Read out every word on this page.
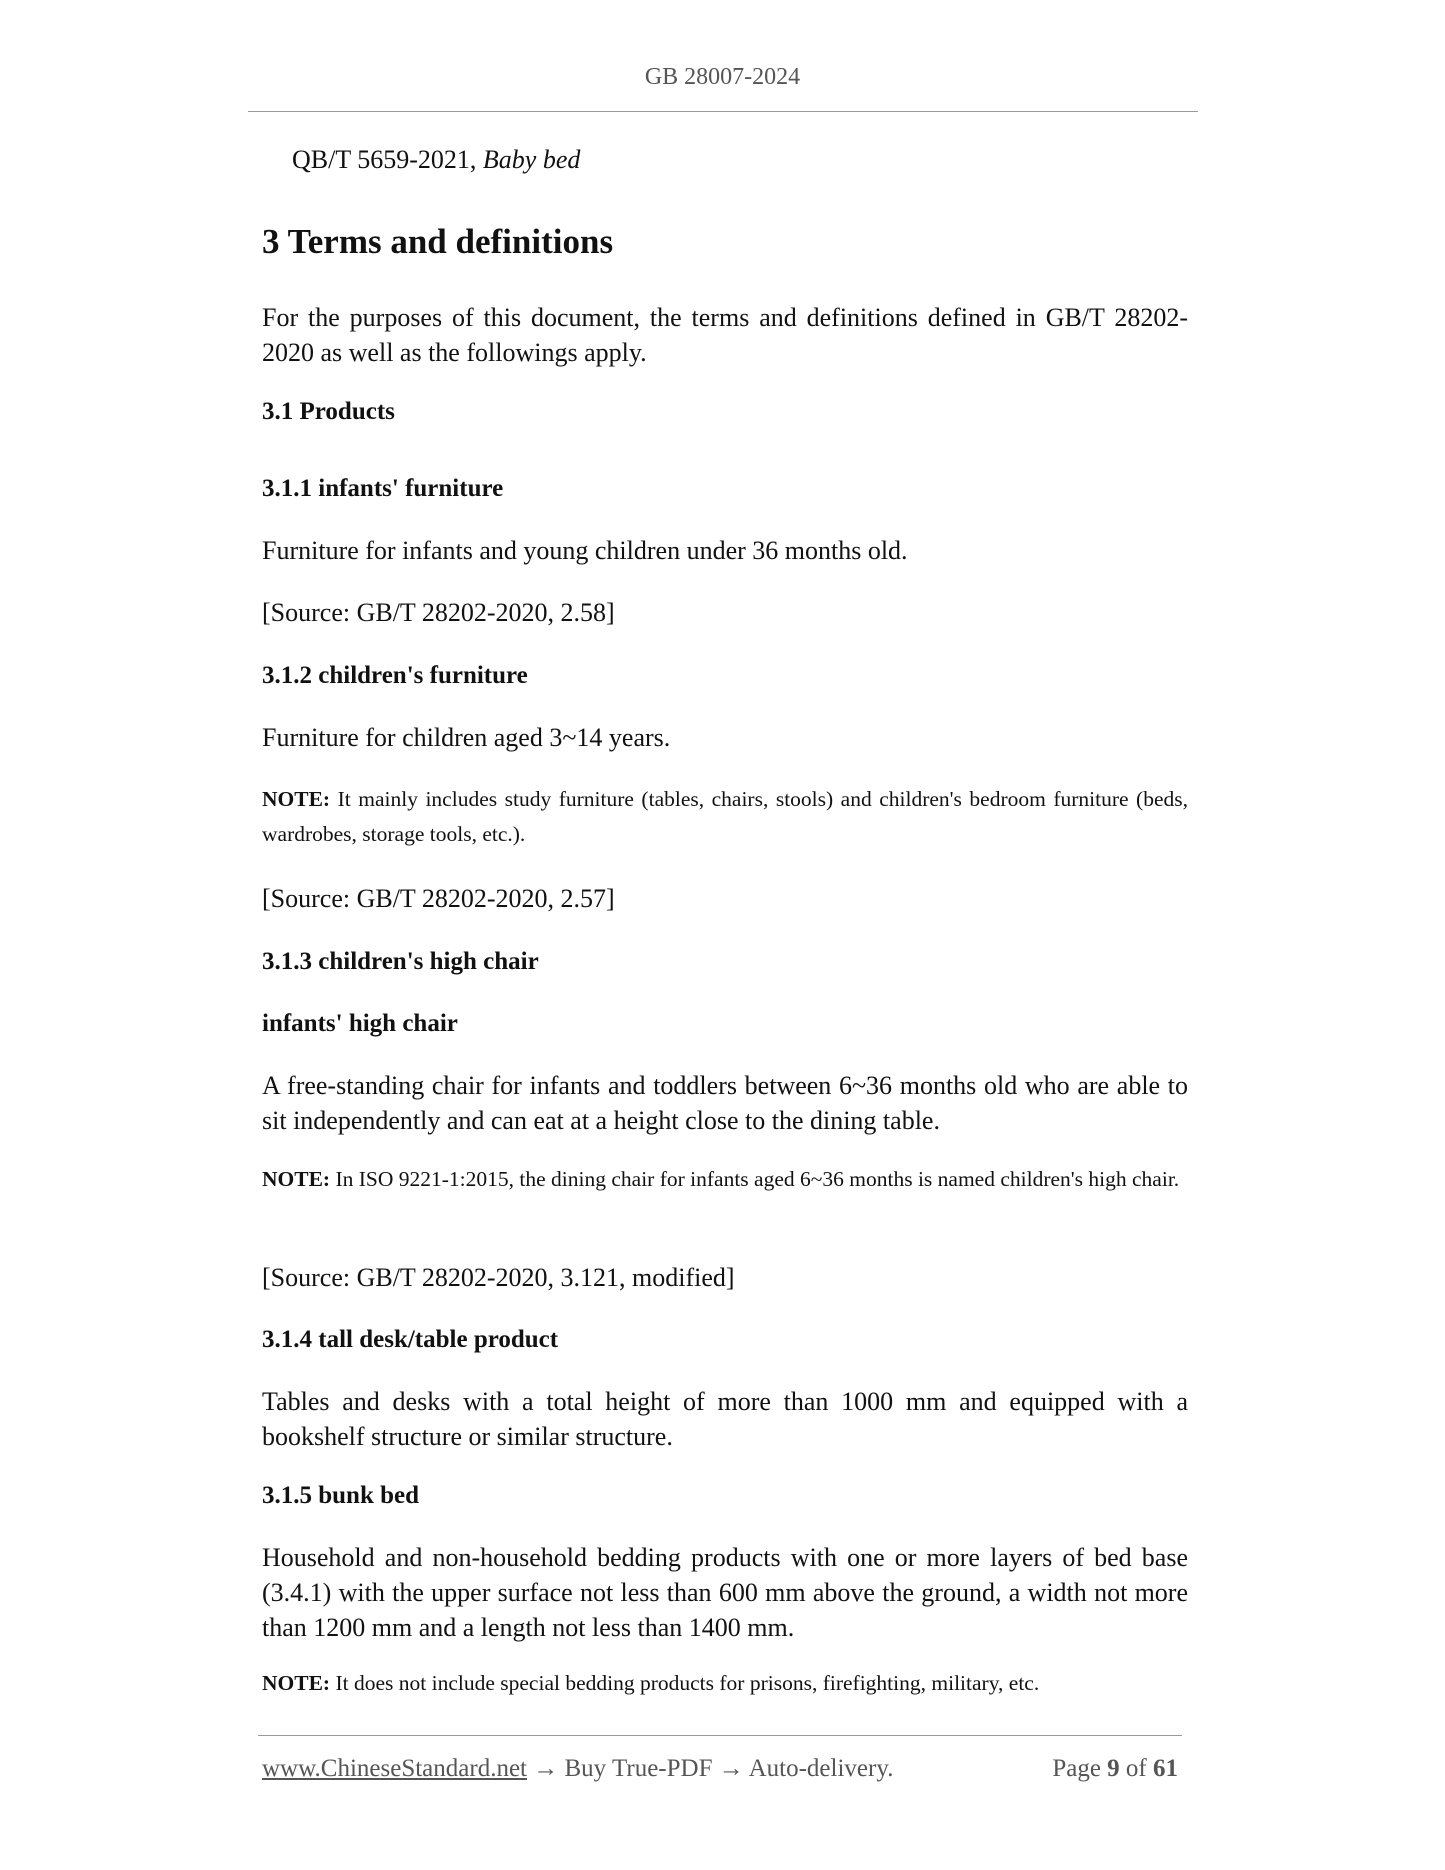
GB 28007-2024

QB/T 5659-2021, Baby bed

3 Terms and definitions

For the purposes of this document, the terms and definitions defined in GB/T 28202-2020 as well as the followings apply.

3.1 Products

3.1.1 infants' furniture

Furniture for infants and young children under 36 months old.

[Source: GB/T 28202-2020, 2.58]

3.1.2 children's furniture

Furniture for children aged 3~14 years.

NOTE: It mainly includes study furniture (tables, chairs, stools) and children's bedroom furniture (beds, wardrobes, storage tools, etc.).

[Source: GB/T 28202-2020, 2.57]

3.1.3 children's high chair

infants' high chair

A free-standing chair for infants and toddlers between 6~36 months old who are able to sit independently and can eat at a height close to the dining table.

NOTE: In ISO 9221-1:2015, the dining chair for infants aged 6~36 months is named children's high chair.

[Source: GB/T 28202-2020, 3.121, modified]

3.1.4 tall desk/table product

Tables and desks with a total height of more than 1000 mm and equipped with a bookshelf structure or similar structure.

3.1.5 bunk bed

Household and non-household bedding products with one or more layers of bed base (3.4.1) with the upper surface not less than 600 mm above the ground, a width not more than 1200 mm and a length not less than 1400 mm.

NOTE: It does not include special bedding products for prisons, firefighting, military, etc.

www.ChineseStandard.net → Buy True-PDF → Auto-delivery.	Page 9 of 61
